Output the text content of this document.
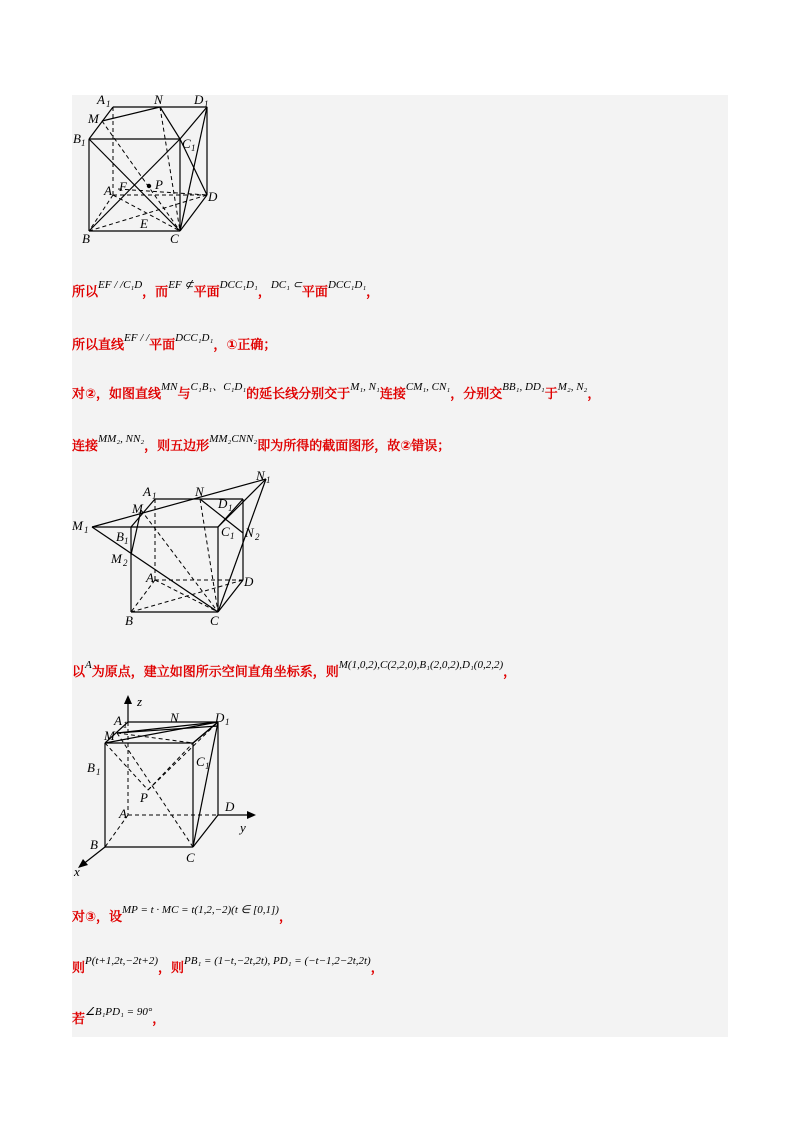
A 1	N D 1
M
B 1	C 1
A F P
D
E
B	C
所以$^{EF / /C_1D}$，而$^{EF ⊄}$平面$^{DCC_1D_1}$，$^{DC_1 \subset}$平面$^{DCC_1D_1}$，
所以直线$^{EF / /}$平面$^{DCC_1D_1}$，①正确；
对②，如图直线$^{MN}$与$^{C_1B_1、C_1D_1}$的延长线分别交于$^{M_1, N_1}$连接$^{CM_1, CN_1}$，分别交$^{BB_1, DD_1}$于$^{M_2, N_2}$，
连接$^{MM_2, NN_2}$，则五边形$^{MM_2CNN_2}$即为所得的截面图形，故②错误；
N 1
A 1	N
D 1
M
C 1 N 2
M 1 B 1
M 2
A	D
B	C
以$^A$为原点，建立如图所示空间直角坐标系，则$^{M(1,0,2),C(2,2,0),B_1(2,0,2),D_1(0,2,2)}$，
z
A 1	N	D 1
M
B 1
C 1
A
P
D
y
B
C
x
对③，设$^{MP = t \cdot MC = t(1,2,-2)(t \in [0,1])}$，
则$^{P(t+1,2t,-2t+2)}$，则$^{PB_1 = (1-t,-2t,2t), PD_1 = (-t-1,2-2t,2t)}$，
若$^{\angle B_1PD_1 = 90^\circ}$，
